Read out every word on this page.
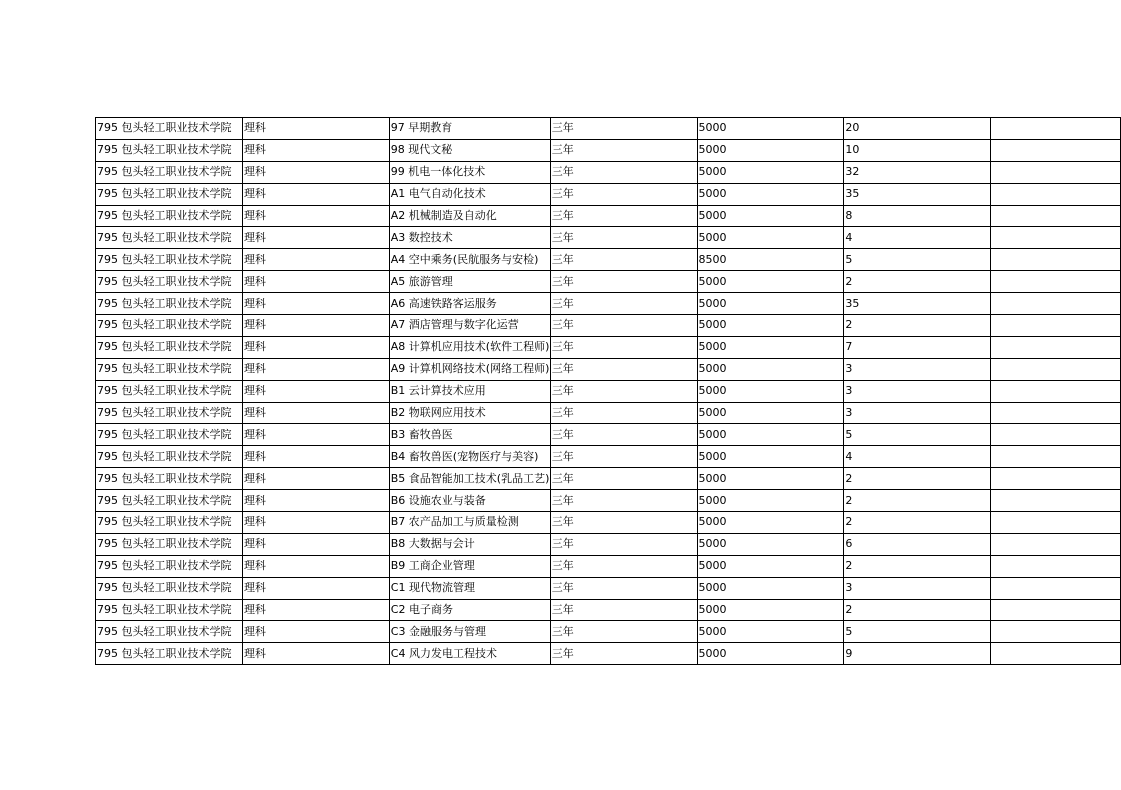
795 包头轻工职业技术学院	理科	97 早期教育	三年	5000	20	
795 包头轻工职业技术学院	理科	98 现代文秘	三年	5000	10	
795 包头轻工职业技术学院	理科	99 机电一体化技术	三年	5000	32	
795 包头轻工职业技术学院	理科	A1 电气自动化技术	三年	5000	35	
795 包头轻工职业技术学院	理科	A2 机械制造及自动化	三年	5000	8	
795 包头轻工职业技术学院	理科	A3 数控技术	三年	5000	4	
795 包头轻工职业技术学院	理科	A4 空中乘务(民航服务与安检)	三年	8500	5	
795 包头轻工职业技术学院	理科	A5 旅游管理	三年	5000	2	
795 包头轻工职业技术学院	理科	A6 高速铁路客运服务	三年	5000	35	
795 包头轻工职业技术学院	理科	A7 酒店管理与数字化运营	三年	5000	2	
795 包头轻工职业技术学院	理科	A8 计算机应用技术(软件工程师)	三年	5000	7	
795 包头轻工职业技术学院	理科	A9 计算机网络技术(网络工程师)	三年	5000	3	
795 包头轻工职业技术学院	理科	B1 云计算技术应用	三年	5000	3	
795 包头轻工职业技术学院	理科	B2 物联网应用技术	三年	5000	3	
795 包头轻工职业技术学院	理科	B3 畜牧兽医	三年	5000	5	
795 包头轻工职业技术学院	理科	B4 畜牧兽医(宠物医疗与美容)	三年	5000	4	
795 包头轻工职业技术学院	理科	B5 食品智能加工技术(乳品工艺)	三年	5000	2	
795 包头轻工职业技术学院	理科	B6 设施农业与装备	三年	5000	2	
795 包头轻工职业技术学院	理科	B7 农产品加工与质量检测	三年	5000	2	
795 包头轻工职业技术学院	理科	B8 大数据与会计	三年	5000	6	
795 包头轻工职业技术学院	理科	B9 工商企业管理	三年	5000	2	
795 包头轻工职业技术学院	理科	C1 现代物流管理	三年	5000	3	
795 包头轻工职业技术学院	理科	C2 电子商务	三年	5000	2	
795 包头轻工职业技术学院	理科	C3 金融服务与管理	三年	5000	5	
795 包头轻工职业技术学院	理科	C4 风力发电工程技术	三年	5000	9	
